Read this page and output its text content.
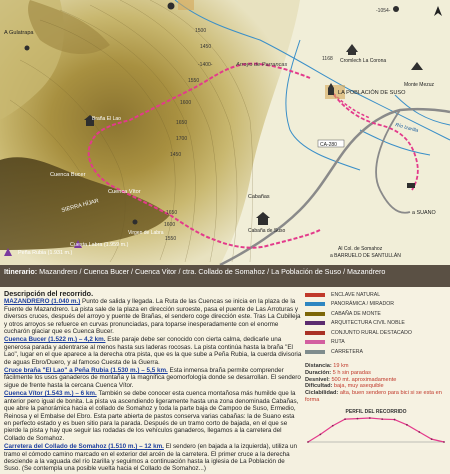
A Gulatrapa
Arroyo de Parrancas
Cromlech La Corona
LA POBLACIÓN DE SUSO
Monte Mezuz
Río Izarilla
Braña El Lao
Cuenca Bucer
Cuenca Vítor
SIERRA HÍJAR
Peña Rubia (1.931 m.)
Cuesta Labra (1.959 m.)
Virgen de Labra
Cabañas
Cabaña de Suso
CA-280
a SUANO
Al Col. de Somahoz
a BARRUELO DE SANTULLÁN
-1054-
1500
1450
-1400-
1550
1600
1650
1700
1650
1600
1550
1450
1168
Itinerario: Mazandrero / Cuenca Bucer / Cuenca Vitor / ctra. Collado de Somahoz / La Población de Suso / Mazandrero
Descripción del recorrido.
MAZANDRERO (1.040 m.) Punto de salida y llegada. La Ruta de las Cuencas se inicia en la plaza de la Fuente de Mazandrero. La pista sale de la plaza en dirección suroeste, pasa el puente de Las Arroturas y diversos cruces, después del arroyo y puente de Brañas, el sendero coge dirección este. Tras La Cubilleja y otros arroyos se refuerce en curvas pronunciadas, para toparse inesperadamente con el enorme cucharón glaciar que es Cuenca Bucer.
Cuenca Bucer (1.522 m.) – 4,2 km. Este paraje debe ser conocido con cierta calma, dedicarle una generosa parada y adentrarse al menos hasta sus laderas rocosas. La pista continúa hasta la braña "El Lao", lugar en el que aparece a la derecha otra pista, que es la que sube a Peña Rubia, la cuerda divisoria de aguas Ebro/Duero, y al famoso Cuesta de la Guerra.
Cruce braña "El Lao" a Peña Rubia (1.530 m.) – 5,5 km. Esta inmensa braña permite comprender fácilmente los usos ganaderos de montaña y la magnífica geomorfología donde se desarrollan. El sendero sigue de frente hasta la cercana Cuenca Vítor.
Cuenca Vítor (1.543 m.) – 6 km. También se debe conocer esta cuenca montañosa más humilde que la anterior pero igual de bonita. La pista va ascendiendo ligeramente hasta una zona denominada Cabañas, que abre la panorámica hacia el collado de Somahoz y toda la parte baja de Campoo de Suso, Ermedio, Reinosa y el Embalse del Ebro. Esta parte abierta de pastos conserva varias cabañas: la de Suano esta en perfecto estado y es buen sitio para la parada. Después de un tramo corto de bajada, en el que se pierde la pista y hay que seguir las rodadas de los vehículos ganaderos, llegamos a la carretera del Collado de Somahoz.
Carretera del Collado de Somahoz (1.510 m.) – 12 km. El sendero (en bajada a la izquierda), utiliza un tramo el cómodo camino marcado en el exterior del arcén de la carretera. El primer cruce a la derecha desciende a la vaguada del río Izarilla y seguimos a continuación hasta la iglesia de La Población de Suso. (Se contempla una posible vuelta hacia el Collado de Somahoz...)
ENCLAVE NATURAL
PANORÁMICA / MIRADOR
CABAÑA DE MONTE
ARQUITECTURA CIVIL NOBLE
CONJUNTO RURAL DESTACADO
RUTA
CARRETERA
Distancia: 19 km
Duración: 5 h sin paradas
Desnivel: 500 mt. aproximadamente
Dificultad: baja, muy asequible
Ciclabilidad: alta, buen sendero para bici si se esta en forma
PERFIL DEL RECORRIDO
